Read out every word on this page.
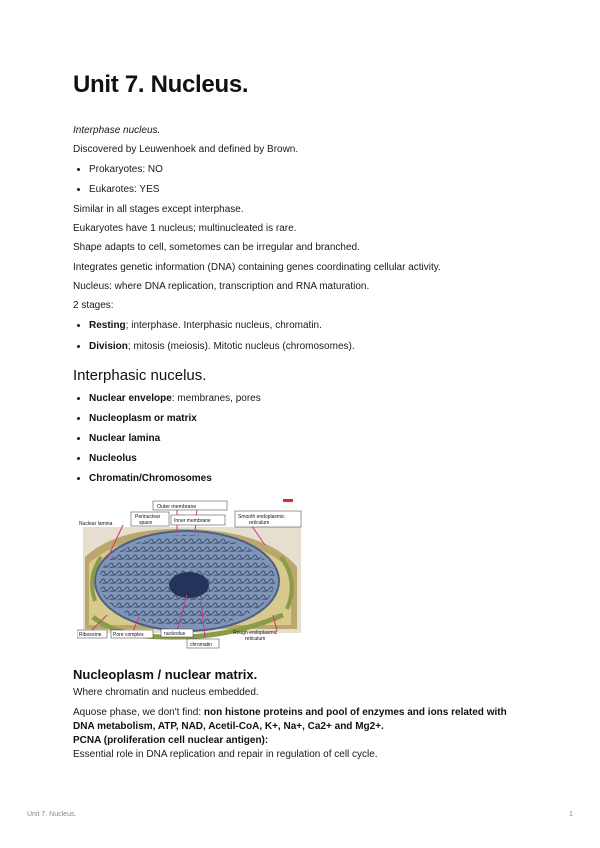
Unit 7. Nucleus.

Interphase nucleus.

Discovered by Leuwenhoek and defined by Brown.

Prokaryotes: NO
Eukarotes: YES

Similar in all stages except interphase.

Eukaryotes have 1 nucleus; multinucleated is rare.

Shape adapts to cell, sometomes can be irregular and branched.

Integrates genetic information (DNA) containing genes coordinating cellular activity.

Nucleus: where DNA replication, transcription and RNA maturation.

2 stages:

Resting; interphase. Interphasic nucleus, chromatin.
Division; mitosis (meiosis). Mitotic nucleus (chromosomes).
Interphasic nucelus.
Nuclear envelope: membranes, pores
Nucleoplasm or matrix
Nuclear lamina
Nucleolus
Chromatin/Chromosomes
Outer membrane
Perinuclear
space	Inner membrane
Smooth endoplasmic
reticulum
Nuclear lamina
Ribosome Pore complex	nucleolus
chromatin
Rough endoplasmic
reticulum
Nucleoplasm / nuclear matrix.

Where chromatin and nucleus embedded.

Aquose phase, we don't find: non histone proteins and pool of enzymes and ions related with

DNA metabolism, ATP, NAD, Acetil-CoA, K+, Na+, Ca2+ and Mg2+.

PCNA (proliferation cell nuclear antigen):

Essential role in DNA replication and repair in regulation of cell cycle.

Unit 7. Nucleus.	1
